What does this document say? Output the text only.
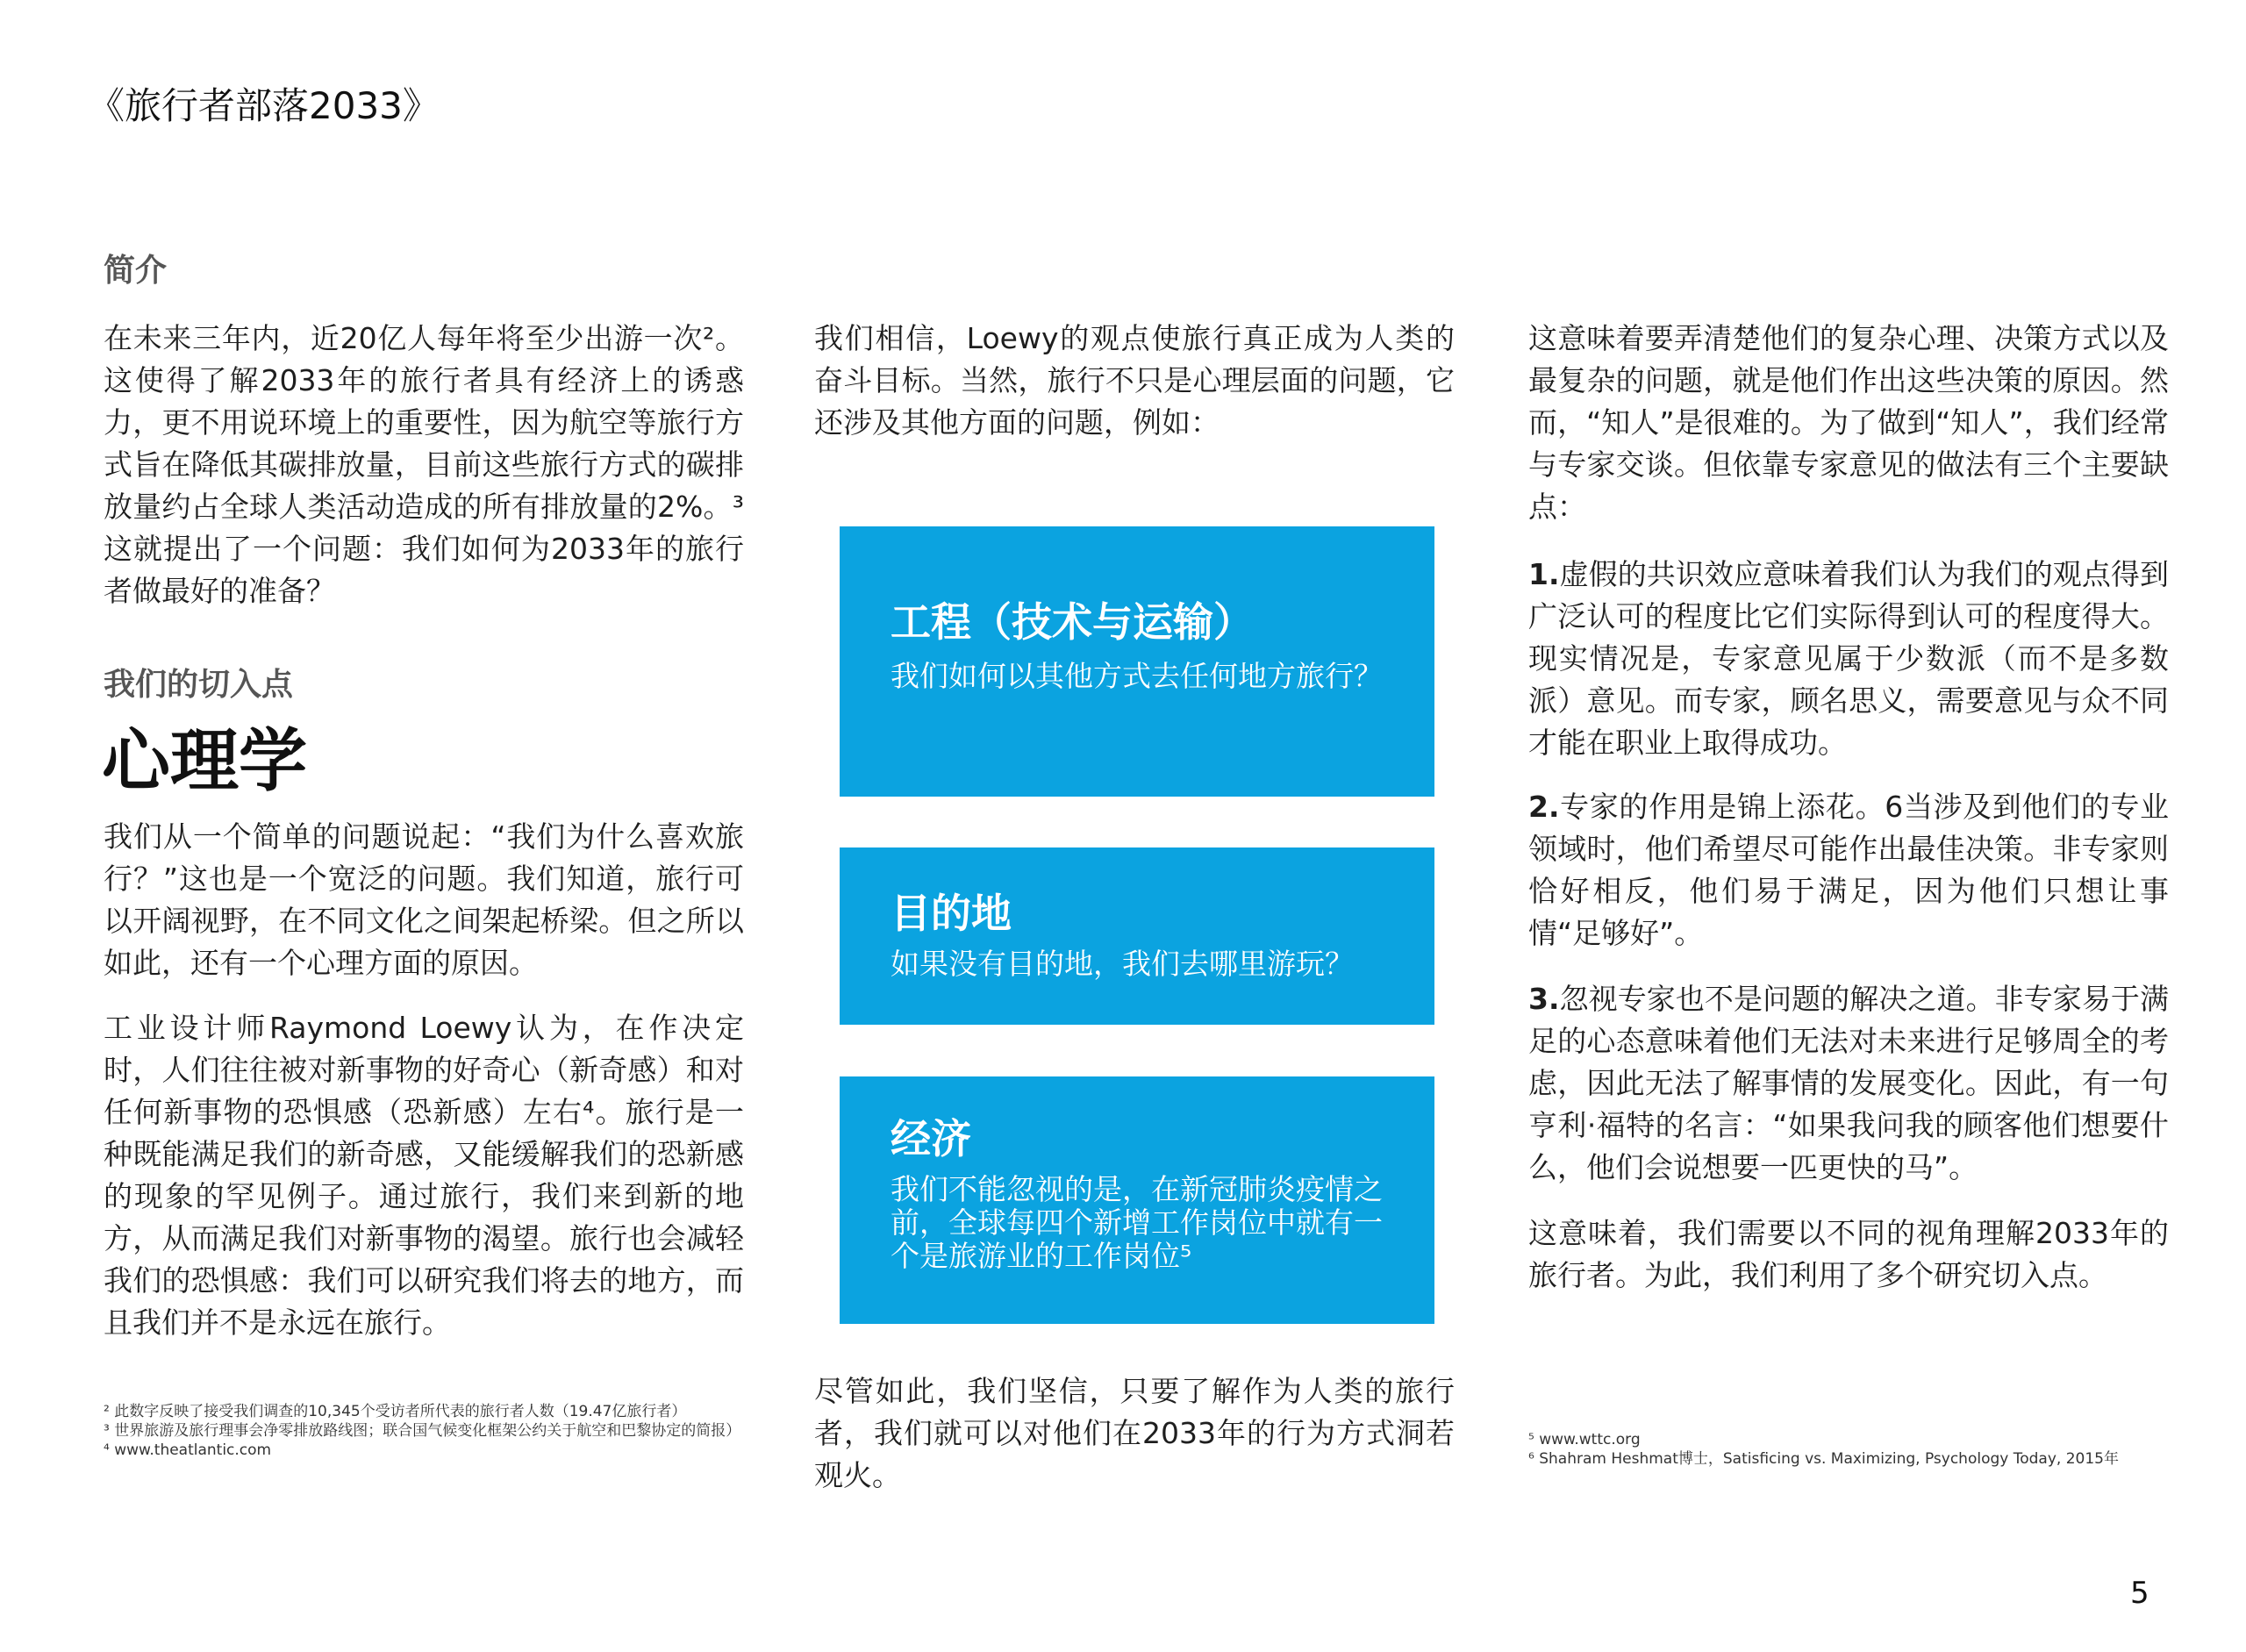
《旅行者部落2033》
简介

在未来三年内，近20亿人每年将至少出游一次²。这使得了解2033年的旅行者具有经济上的诱惑力，更不用说环境上的重要性，因为航空等旅行方式旨在降低其碳排放量，目前这些旅行方式的碳排放量约占全球人类活动造成的所有排放量的2%。³这就提出了一个问题：我们如何为2033年的旅行者做最好的准备？

我们的切入点
心理学

我们从一个简单的问题说起：“我们为什么喜欢旅行？”这也是一个宽泛的问题。我们知道，旅行可以开阔视野，在不同文化之间架起桥梁。但之所以如此，还有一个心理方面的原因。

工业设计师Raymond Loewy认为，在作决定时，人们往往被对新事物的好奇心（新奇感）和对任何新事物的恐惧感（恐新感）左右⁴。旅行是一种既能满足我们的新奇感，又能缓解我们的恐新感的现象的罕见例子。通过旅行，我们来到新的地方，从而满足我们对新事物的渴望。旅行也会减轻我们的恐惧感：我们可以研究我们将去的地方，而且我们并不是永远在旅行。

² 此数字反映了接受我们调查的10,345个受访者所代表的旅行者人数（19.47亿旅行者）
³ 世界旅游及旅行理事会净零排放路线图；联合国气候变化框架公约关于航空和巴黎协定的简报）
⁴ www.theatlantic.com

我们相信，Loewy的观点使旅行真正成为人类的奋斗目标。当然，旅行不只是心理层面的问题，它还涉及其他方面的问题，例如：

工程（技术与运输）
我们如何以其他方式去任何地方旅行？
目的地
如果没有目的地，我们去哪里游玩？
经济
我们不能忽视的是，在新冠肺炎疫情之前，全球每四个新增工作岗位中就有一个是旅游业的工作岗位⁵

尽管如此，我们坚信，只要了解作为人类的旅行者，我们就可以对他们在2033年的行为方式洞若观火。

这意味着要弄清楚他们的复杂心理、决策方式以及最复杂的问题，就是他们作出这些决策的原因。然而，“知人”是很难的。为了做到“知人”，我们经常与专家交谈。但依靠专家意见的做法有三个主要缺点：

1.虚假的共识效应意味着我们认为我们的观点得到广泛认可的程度比它们实际得到认可的程度得大。现实情况是，专家意见属于少数派（而不是多数派）意见。而专家，顾名思义，需要意见与众不同才能在职业上取得成功。

2.专家的作用是锦上添花。6当涉及到他们的专业领域时，他们希望尽可能作出最佳决策。非专家则恰好相反，他们易于满足，因为他们只想让事情“足够好”。

3.忽视专家也不是问题的解决之道。非专家易于满足的心态意味着他们无法对未来进行足够周全的考虑，因此无法了解事情的发展变化。因此，有一句亨利·福特的名言：“如果我问我的顾客他们想要什么，他们会说想要一匹更快的马”。

这意味着，我们需要以不同的视角理解2033年的旅行者。为此，我们利用了多个研究切入点。

⁵ www.wttc.org
⁶ Shahram Heshmat博士，Satisficing vs. Maximizing, Psychology Today, 2015年
5
